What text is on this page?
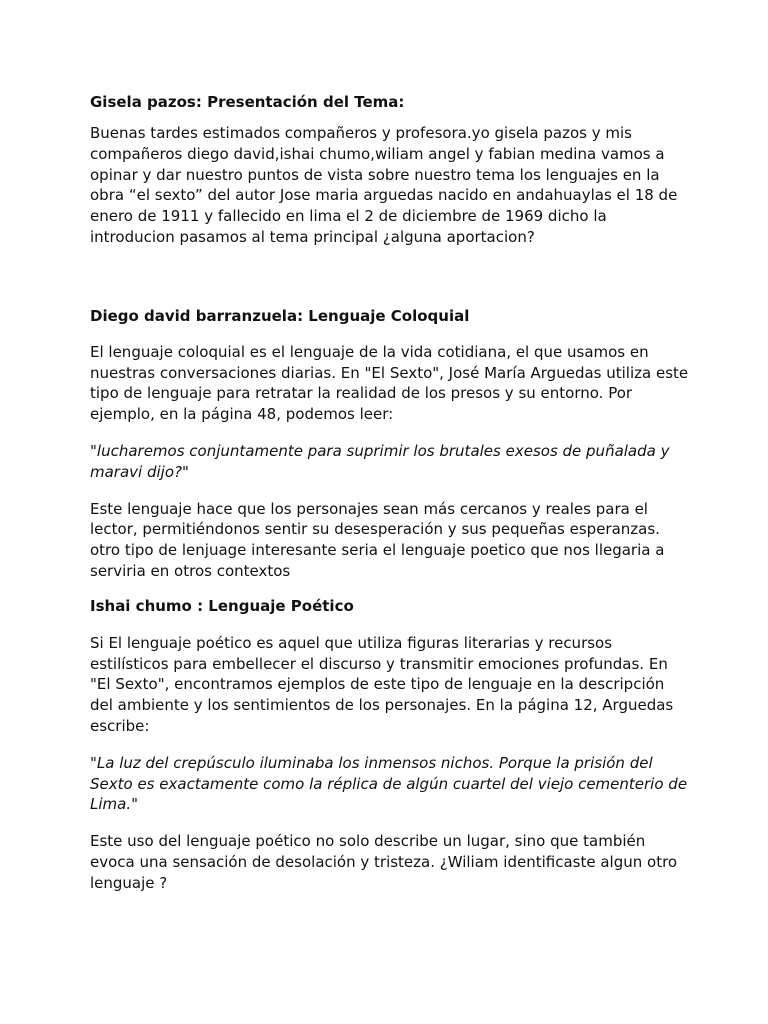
Gisela pazos: Presentación del Tema:

Buenas tardes estimados compañeros y profesora.yo gisela pazos y mis compañeros diego david,ishai chumo,wiliam angel y fabian medina vamos a opinar y dar nuestro puntos de vista sobre nuestro tema los lenguajes en la obra “el sexto” del autor Jose maria arguedas nacido en andahuaylas el 18 de enero de 1911 y fallecido en lima el 2 de diciembre de 1969 dicho la introducion pasamos al tema principal ¿alguna aportacion?

Diego david barranzuela: Lenguaje Coloquial

El lenguaje coloquial es el lenguaje de la vida cotidiana, el que usamos en nuestras conversaciones diarias. En "El Sexto", José María Arguedas utiliza este tipo de lenguaje para retratar la realidad de los presos y su entorno. Por ejemplo, en la página 48, podemos leer:

"lucharemos conjuntamente para suprimir los brutales exesos de puñalada y maravi dijo?"

Este lenguaje hace que los personajes sean más cercanos y reales para el lector, permitiéndonos sentir su desesperación y sus pequeñas esperanzas. otro tipo de lenjuage interesante seria el lenguaje poetico que nos llegaria a serviria en otros contextos

Ishai chumo : Lenguaje Poético

Si El lenguaje poético es aquel que utiliza figuras literarias y recursos estilísticos para embellecer el discurso y transmitir emociones profundas. En "El Sexto", encontramos ejemplos de este tipo de lenguaje en la descripción del ambiente y los sentimientos de los personajes. En la página 12, Arguedas escribe:

"La luz del crepúsculo iluminaba los inmensos nichos. Porque la prisión del Sexto es exactamente como la réplica de algún cuartel del viejo cementerio de Lima."

Este uso del lenguaje poético no solo describe un lugar, sino que también evoca una sensación de desolación y tristeza. ¿Wiliam identificaste algun otro lenguaje ?
